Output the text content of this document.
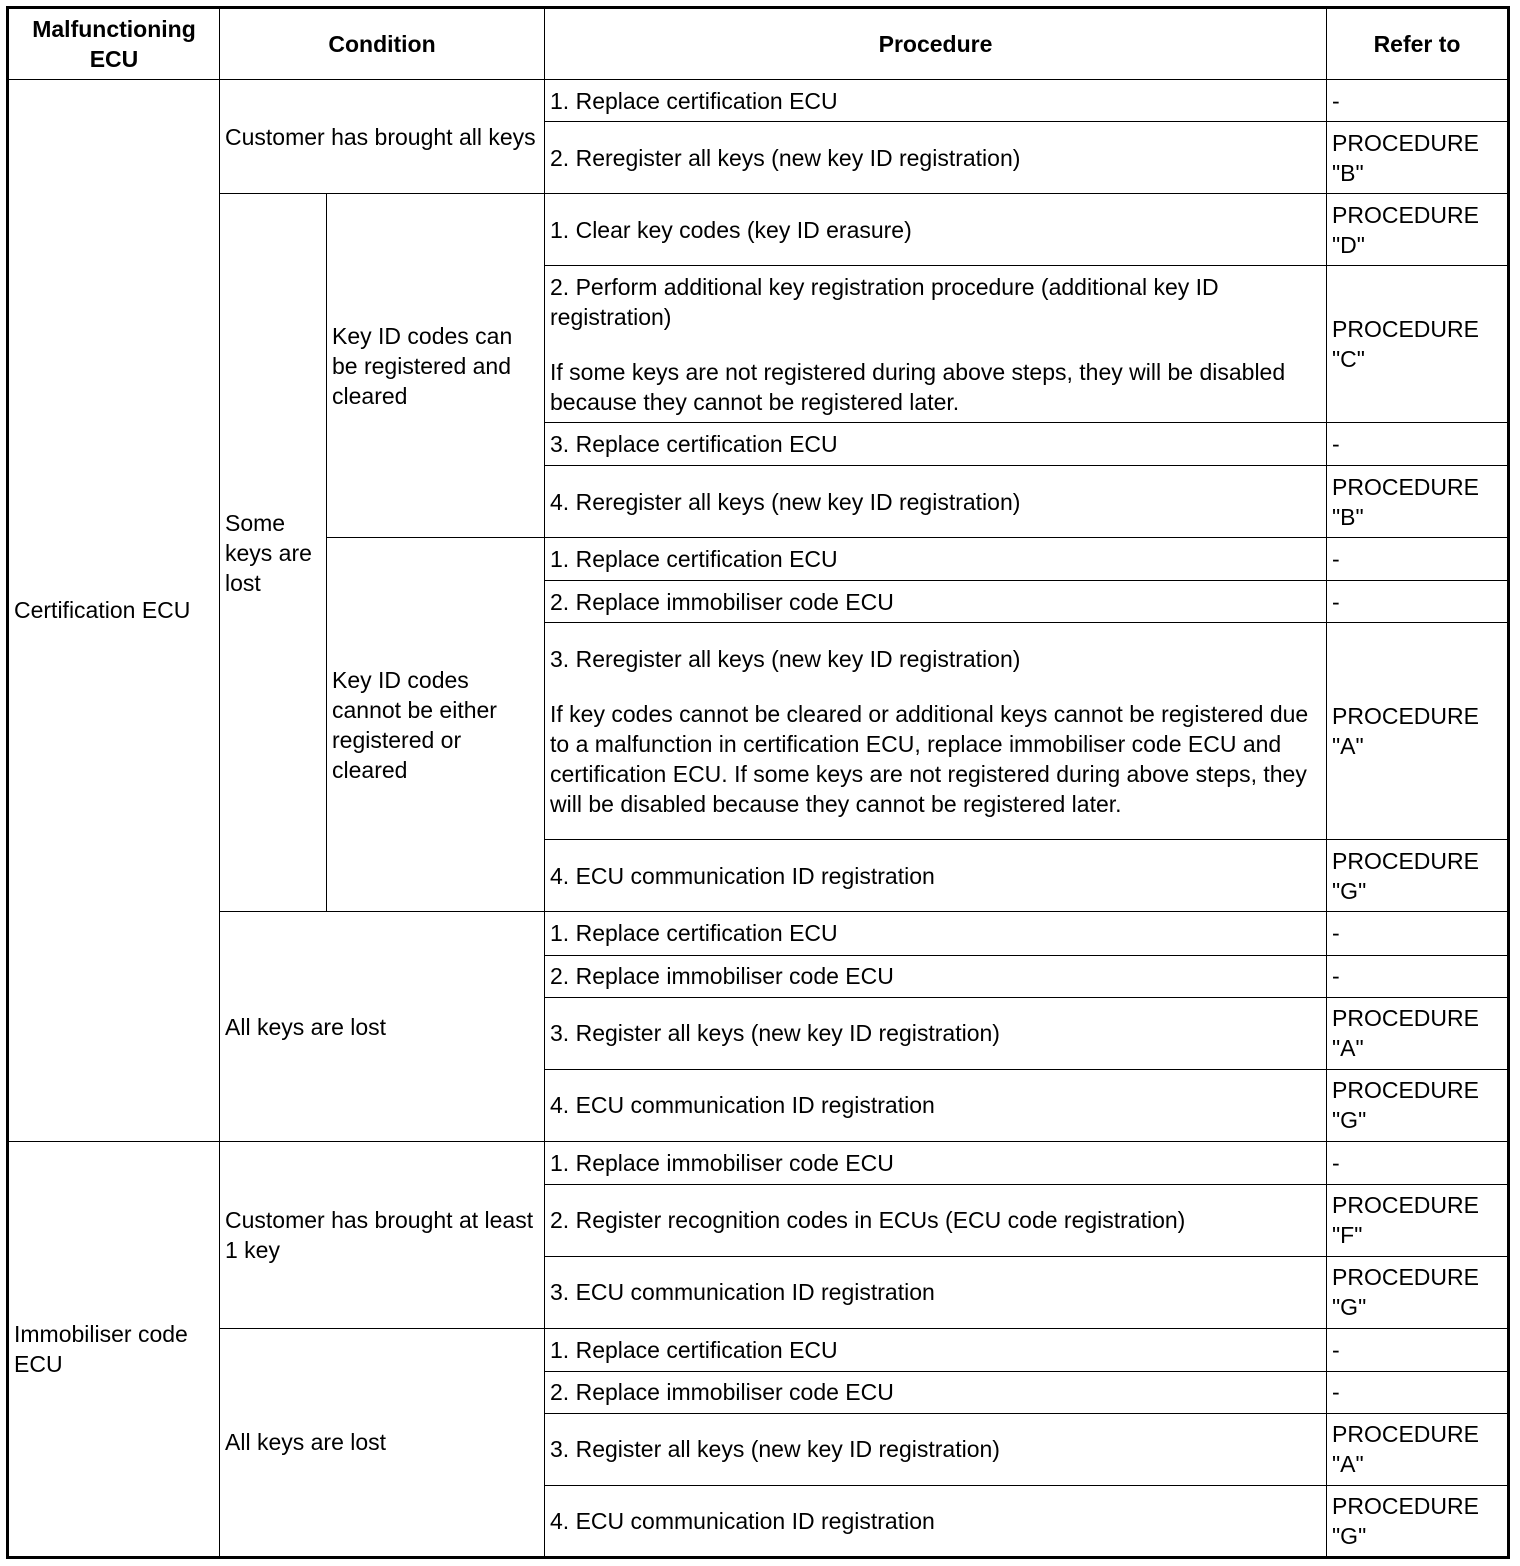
Malfunctioning ECU	Condition		Procedure	Refer to
Certification ECU	Customer has brought all keys		1. Replace certification ECU	-
			2. Reregister all keys (new key ID registration)	PROCEDURE "B"
	Some keys are lost	Key ID codes can be registered and cleared	1. Clear key codes (key ID erasure)	PROCEDURE "D"

			2. Perform additional key registration procedure (additional key ID registration)
If some keys are not registered during above steps, they will be disabled because they cannot be registered later.	PROCEDURE "C"
			3. Replace certification ECU	-
			4. Reregister all keys (new key ID registration)	PROCEDURE "B"
		Key ID codes cannot be either registered or cleared	1. Replace certification ECU	-
			2. Replace immobiliser code ECU	-

			3. Reregister all keys (new key ID registration)
If key codes cannot be cleared or additional keys cannot be registered due to a malfunction in certification ECU, replace immobiliser code ECU and certification ECU. If some keys are not registered during above steps, they will be disabled because they cannot be registered later.	PROCEDURE "A"
			4. ECU communication ID registration	PROCEDURE "G"
	All keys are lost		1. Replace certification ECU	-
			2. Replace immobiliser code ECU	-
			3. Register all keys (new key ID registration)	PROCEDURE "A"
			4. ECU communication ID registration	PROCEDURE "G"
Immobiliser code ECU	Customer has brought at least 1 key		1. Replace immobiliser code ECU	-
			2. Register recognition codes in ECUs (ECU code registration)	PROCEDURE "F"
			3. ECU communication ID registration	PROCEDURE "G"
	All keys are lost		1. Replace certification ECU	-
			2. Replace immobiliser code ECU	-
			3. Register all keys (new key ID registration)	PROCEDURE "A"
			4. ECU communication ID registration	PROCEDURE "G"
